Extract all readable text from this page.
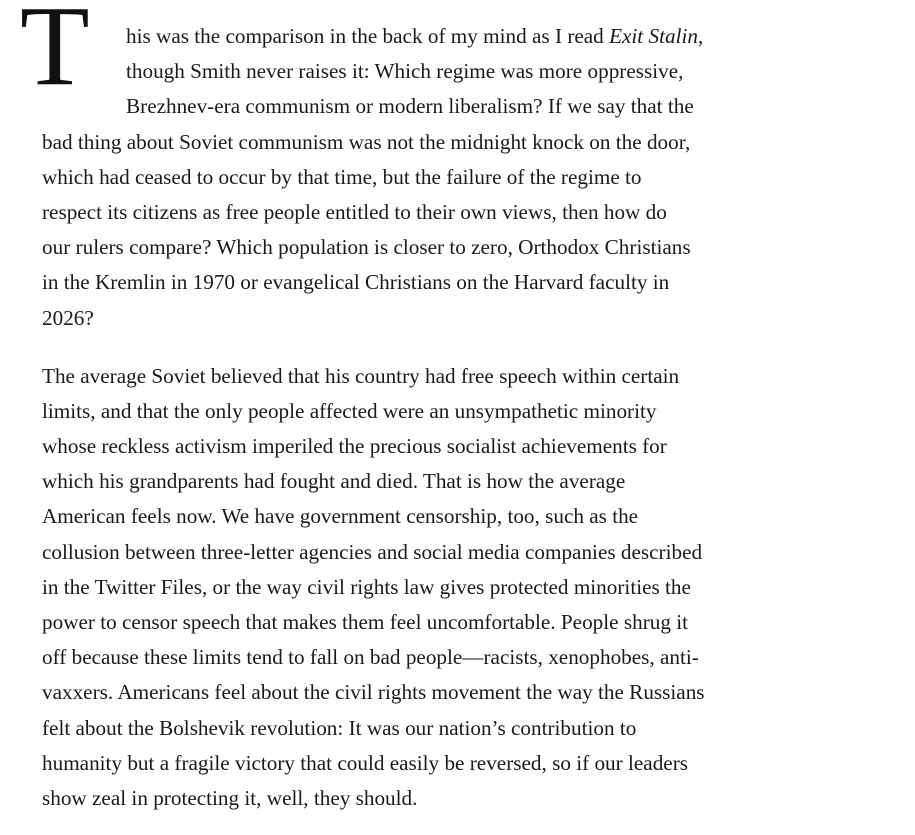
T	his was the comparison in the back of my mind as I read Exit Stalin,
though Smith never raises it: Which regime was more oppressive,
Brezhnev-era communism or modern liberalism? If we say that the
bad thing about Soviet communism was not the midnight knock on the door,
which had ceased to occur by that time, but the failure of the regime to
respect its citizens as free people entitled to their own views, then how do
our rulers compare? Which population is closer to zero, Orthodox Christians
in the Kremlin in 1970 or evangelical Christians on the Harvard faculty in
2026?

The average Soviet believed that his country had free speech within certain
limits, and that the only people affected were an unsympathetic minority
whose reckless activism imperiled the precious socialist achievements for
which his grandparents had fought and died. That is how the average
American feels now. We have government censorship, too, such as the
collusion between three-letter agencies and social media companies described
in the Twitter Files, or the way civil rights law gives protected minorities the
power to censor speech that makes them feel uncomfortable. People shrug it
off because these limits tend to fall on bad people—racists, xenophobes, anti-
vaxxers. Americans feel about the civil rights movement the way the Russians
felt about the Bolshevik revolution: It was our nation’s contribution to
humanity but a fragile victory that could easily be reversed, so if our leaders
show zeal in protecting it, well, they should.
